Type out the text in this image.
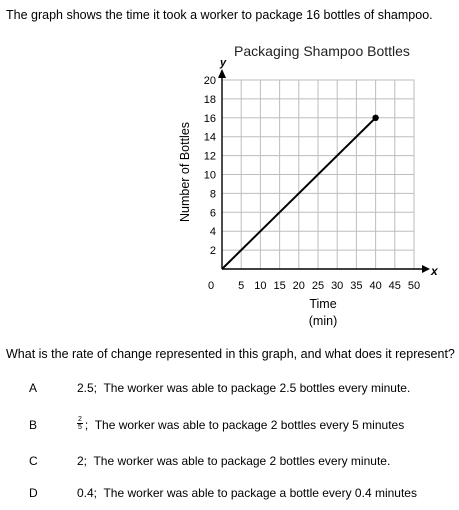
The graph shows the time it took a worker to package 16 bottles of shampoo.
Packaging Shampoo Bottles
5 10 15 20 25 30 35 40 45 50
2
4
6
8
10
12
14
16
18
20
x
y
0
Time
(min)
Number of Bottles
What is the rate of change represented in this graph, and what does it represent?
A	2.5; The worker was able to package 2.5 bottles every minute.
B	$\frac{2}{5}$ ; The worker was able to package 2 bottles every 5 minutes
C	2; The worker was able to package 2 bottles every minute.
D	0.4; The worker was able to package a bottle every 0.4 minutes
